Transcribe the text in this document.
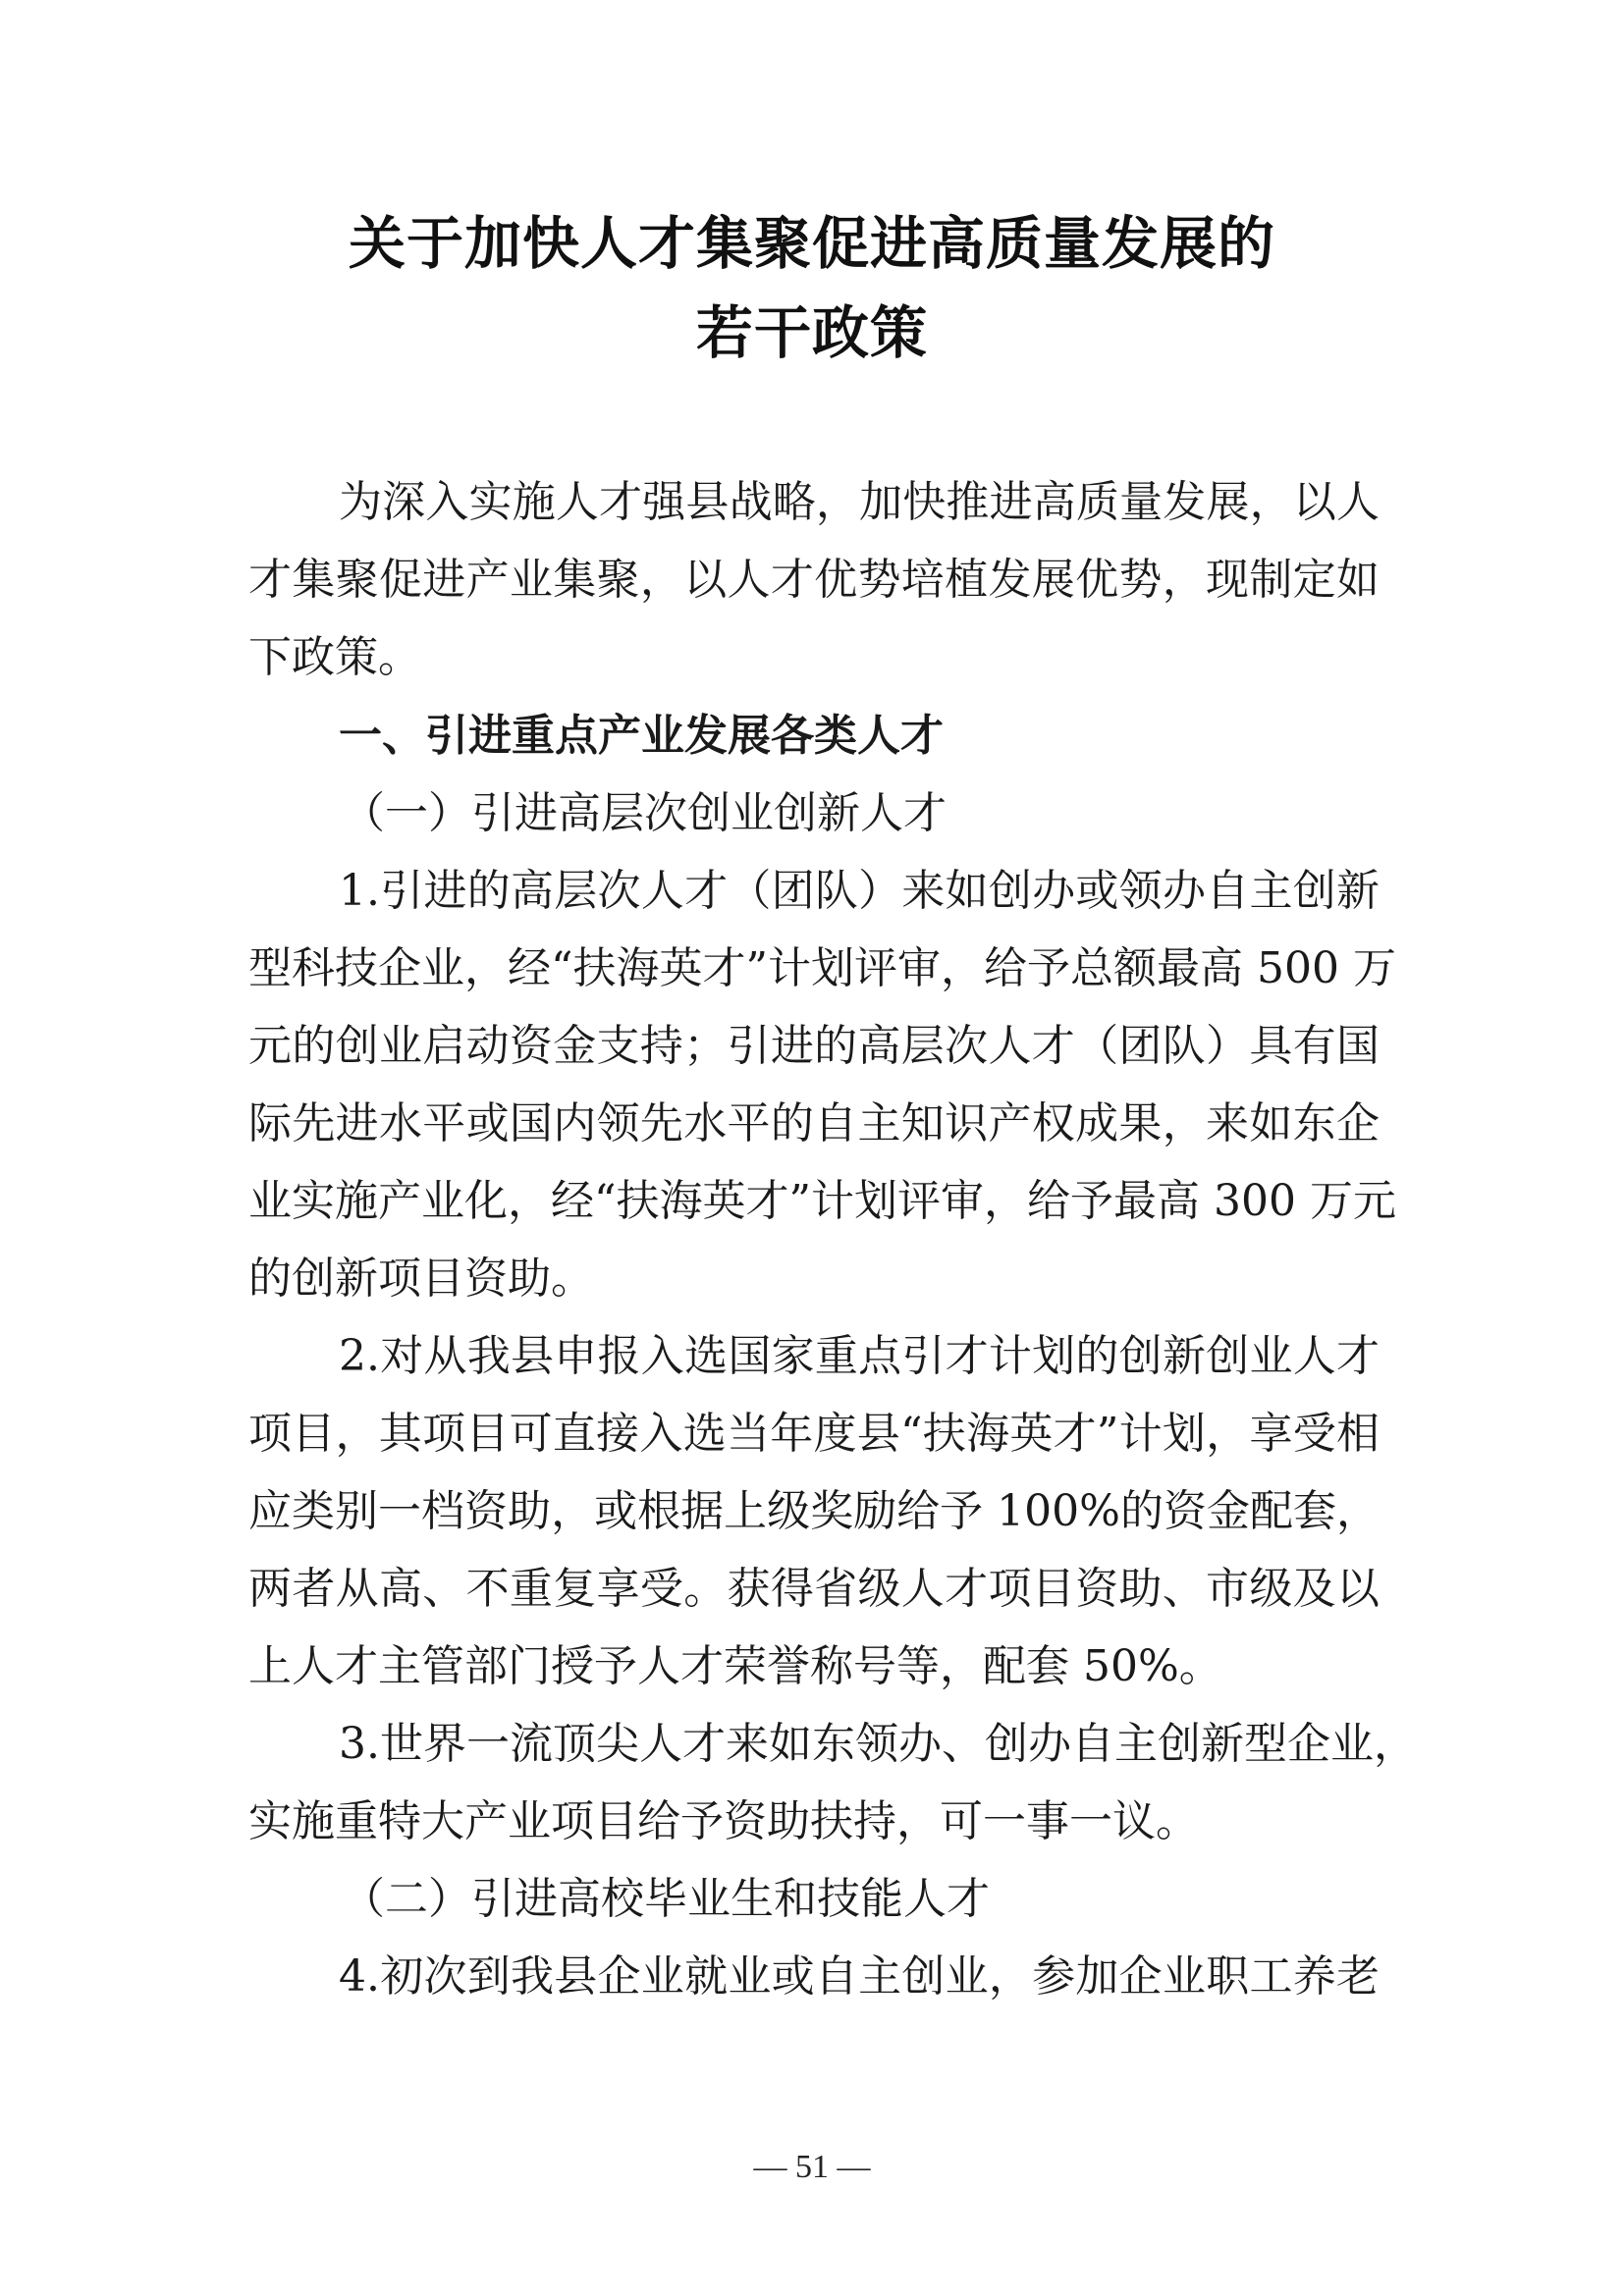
关于加快人才集聚促进高质量发展的
若干政策
为深入实施人才强县战略，加快推进高质量发展，以人
才集聚促进产业集聚，以人才优势培植发展优势，现制定如
下政策。
一、引进重点产业发展各类人才
（一）引进高层次创业创新人才
1.引进的高层次人才（团队）来如创办或领办自主创新
型科技企业，经“扶海英才”计划评审，给予总额最高 500 万
元的创业启动资金支持；引进的高层次人才（团队）具有国
际先进水平或国内领先水平的自主知识产权成果，来如东企
业实施产业化，经“扶海英才”计划评审，给予最高 300 万元
的创新项目资助。
2.对从我县申报入选国家重点引才计划的创新创业人才
项目，其项目可直接入选当年度县“扶海英才”计划，享受相
应类别一档资助，或根据上级奖励给予 100%的资金配套，
两者从高、不重复享受。获得省级人才项目资助、市级及以
上人才主管部门授予人才荣誉称号等，配套 50%。
3.世界一流顶尖人才来如东领办、创办自主创新型企业，
实施重特大产业项目给予资助扶持，可一事一议。
（二）引进高校毕业生和技能人才
4.初次到我县企业就业或自主创业，参加企业职工养老
— 51 —
